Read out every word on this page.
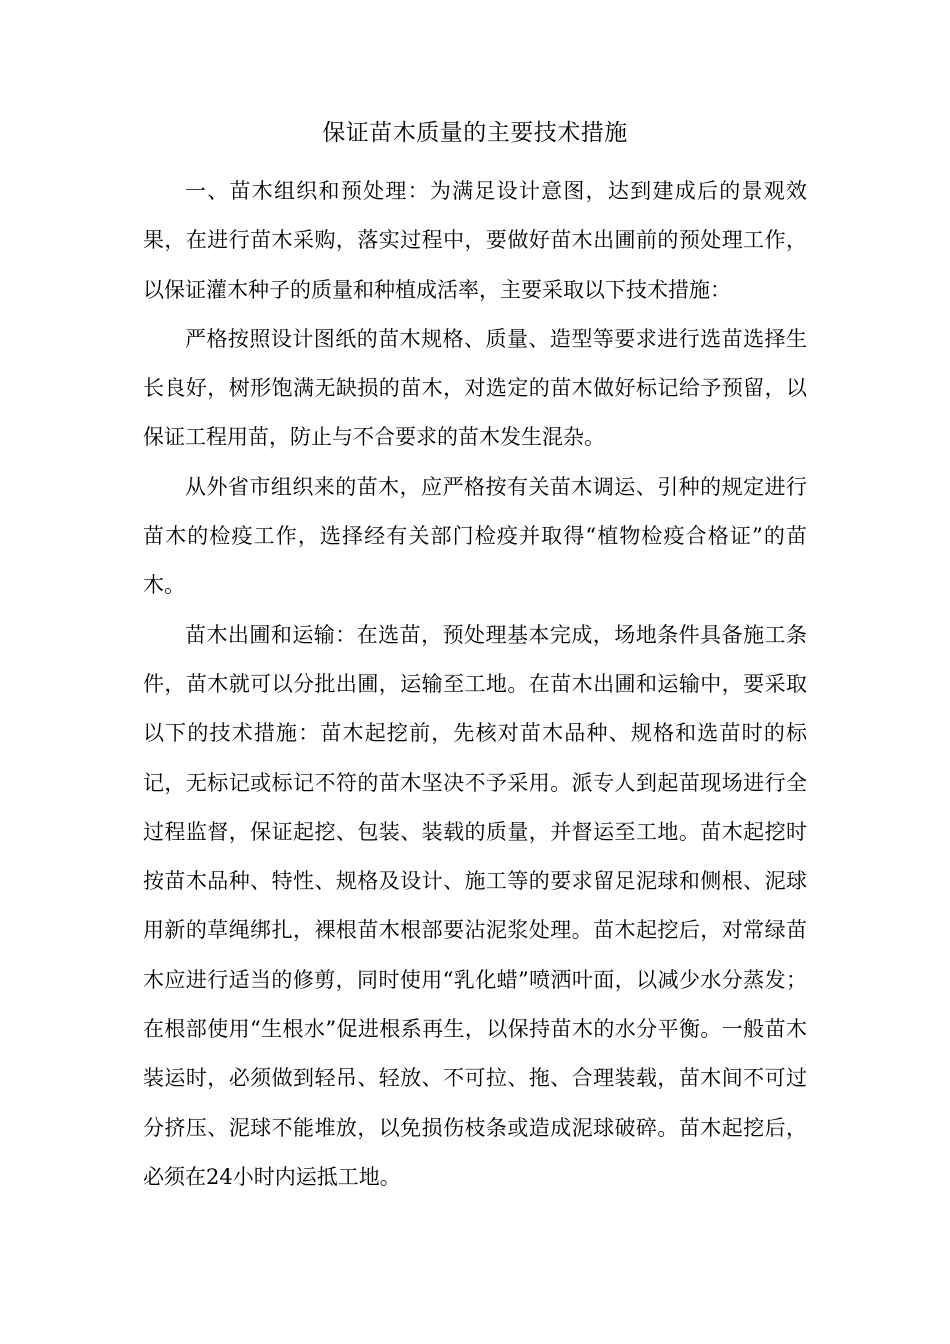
保证苗木质量的主要技术措施

一、苗木组织和预处理：为满足设计意图，达到建成后的景观效果，在进行苗木采购，落实过程中，要做好苗木出圃前的预处理工作，以保证灌木种子的质量和种植成活率，主要采取以下技术措施：

严格按照设计图纸的苗木规格、质量、造型等要求进行选苗选择生长良好，树形饱满无缺损的苗木，对选定的苗木做好标记给予预留，以保证工程用苗，防止与不合要求的苗木发生混杂。

从外省市组织来的苗木，应严格按有关苗木调运、引种的规定进行苗木的检疫工作，选择经有关部门检疫并取得“植物检疫合格证”的苗木。

苗木出圃和运输：在选苗，预处理基本完成，场地条件具备施工条件，苗木就可以分批出圃，运输至工地。在苗木出圃和运输中，要采取以下的技术措施：苗木起挖前，先核对苗木品种、规格和选苗时的标记，无标记或标记不符的苗木坚决不予采用。派专人到起苗现场进行全过程监督，保证起挖、包装、装载的质量，并督运至工地。苗木起挖时按苗木品种、特性、规格及设计、施工等的要求留足泥球和侧根、泥球用新的草绳绑扎，裸根苗木根部要沾泥浆处理。苗木起挖后，对常绿苗木应进行适当的修剪，同时使用“乳化蜡”喷洒叶面，以减少水分蒸发；在根部使用“生根水”促进根系再生，以保持苗木的水分平衡。一般苗木装运时，必须做到轻吊、轻放、不可拉、拖、合理装载，苗木间不可过分挤压、泥球不能堆放，以免损伤枝条或造成泥球破碎。苗木起挖后，必须在24小时内运抵工地。
